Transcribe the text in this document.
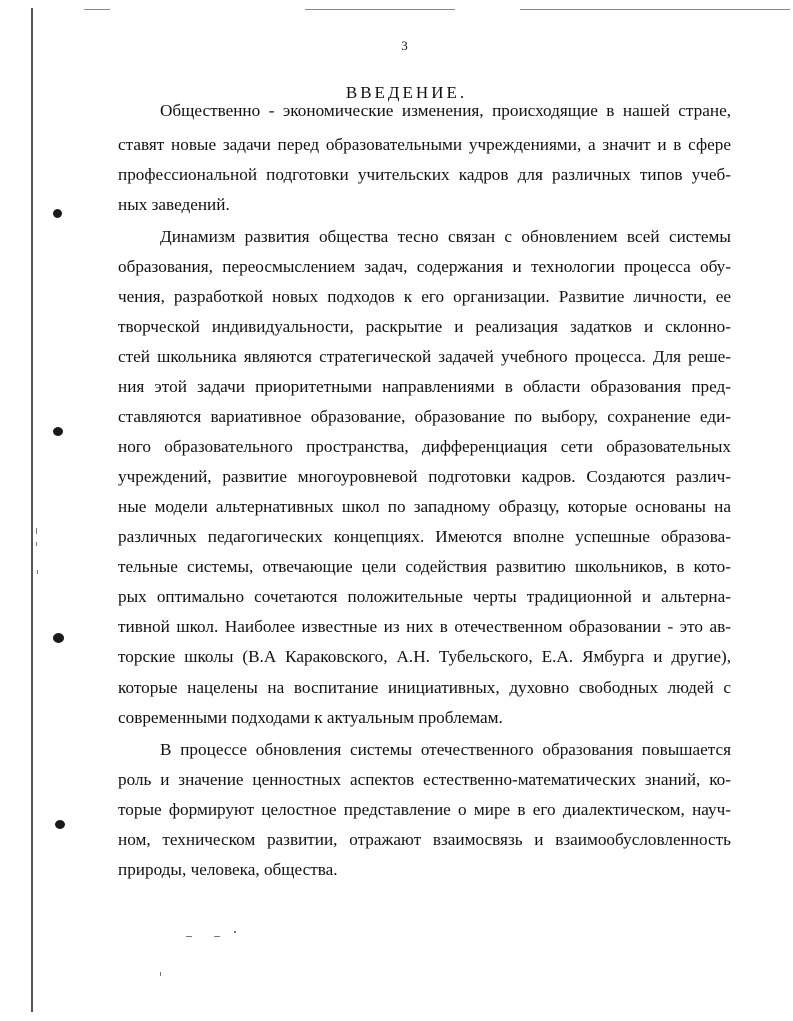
3
ВВЕДЕНИЕ.
Общественно - экономические изменения, происходящие в нашей стране,
ставят новые задачи перед образовательными учреждениями, а значит и в сфере
профессиональной подготовки учительских кадров для различных типов учеб-
ных заведений.
Динамизм развития общества тесно связан с обновлением всей системы
образования, переосмыслением задач, содержания и технологии процесса обу-
чения, разработкой новых подходов к его организации. Развитие личности, ее
творческой индивидуальности, раскрытие и реализация задатков и склонно-
стей школьника являются стратегической задачей учебного процесса. Для реше-
ния этой задачи приоритетными направлениями в области образования пред-
ставляются вариативное образование, образование по выбору, сохранение еди-
ного образовательного пространства, дифференциация сети образовательных
учреждений, развитие многоуровневой подготовки кадров. Создаются различ-
ные модели альтернативных школ по западному образцу, которые основаны на
различных педагогических концепциях. Имеются вполне успешные образова-
тельные системы, отвечающие цели содействия развитию школьников, в кото-
рых оптимально сочетаются положительные черты традиционной и альтерна-
тивной школ. Наиболее известные из них в отечественном образовании - это ав-
торские школы (В.А Караковского, А.Н. Тубельского, Е.А. Ямбурга и другие),
которые нацелены на воспитание инициативных, духовно свободных людей с
современными подходами к актуальным проблемам.
В процессе обновления системы отечественного образования повышается
роль и значение ценностных аспектов естественно-математических знаний, ко-
торые формируют целостное представление о мире в его диалектическом, науч-
ном, техническом развитии, отражают взаимосвязь и взаимообусловленность
природы, человека, общества.
